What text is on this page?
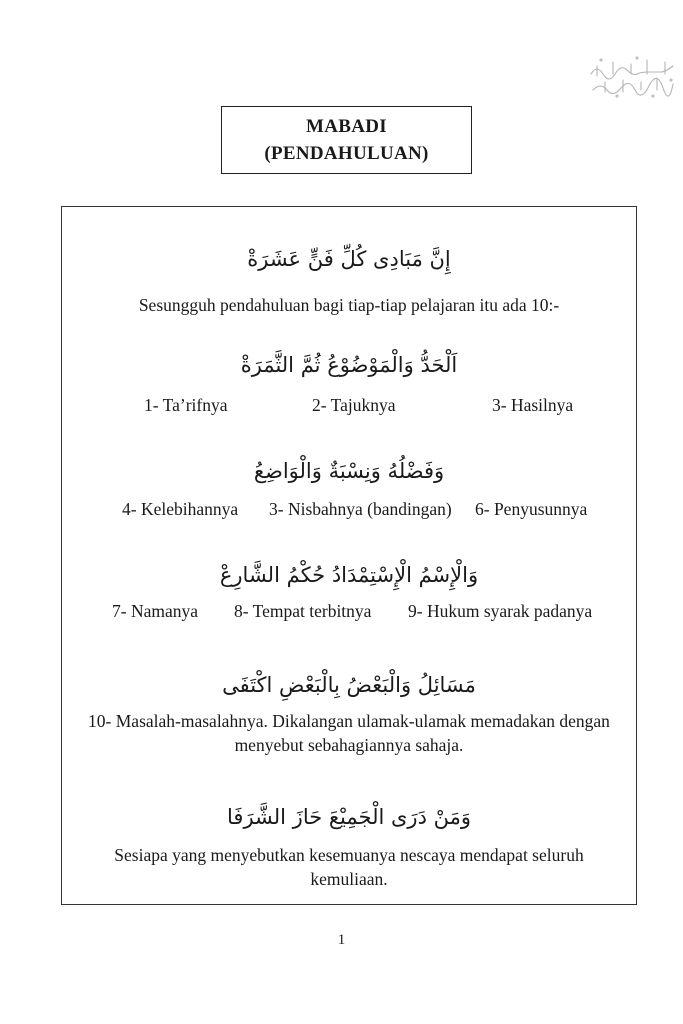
MABADI
(PENDAHULUAN)
إِنَّ مَبَادِى كُلِّ فَنٍّ عَشَرَةْ
Sesungguh pendahuluan bagi tiap-tiap pelajaran itu ada 10:-
اَلْحَدُّ وَالْمَوْضُوْعُ ثُمَّ الثَّمَرَةْ
1- Ta’rifnya	2- Tajuknya	3- Hasilnya
وَفَضْلُهُ وَنِسْبَةٌ وَالْوَاضِعُ
4- Kelebihannya 3- Nisbahnya (bandingan) 6- Penyusunnya
وَالْإِسْمُ الْإِسْتِمْدَادُ حُكْمُ الشَّارِعْ
7- Namanya 8- Tempat terbitnya 9- Hukum syarak padanya
مَسَائِلُ وَالْبَعْضُ بِالْبَعْضِ اكْتَفَى
10- Masalah-masalahnya. Dikalangan ulamak-ulamak memadakan dengan
menyebut sebahagiannya sahaja.
وَمَنْ دَرَى الْجَمِيْعَ حَازَ الشَّرَفَا
Sesiapa yang menyebutkan kesemuanya nescaya mendapat seluruh
kemuliaan.
1
